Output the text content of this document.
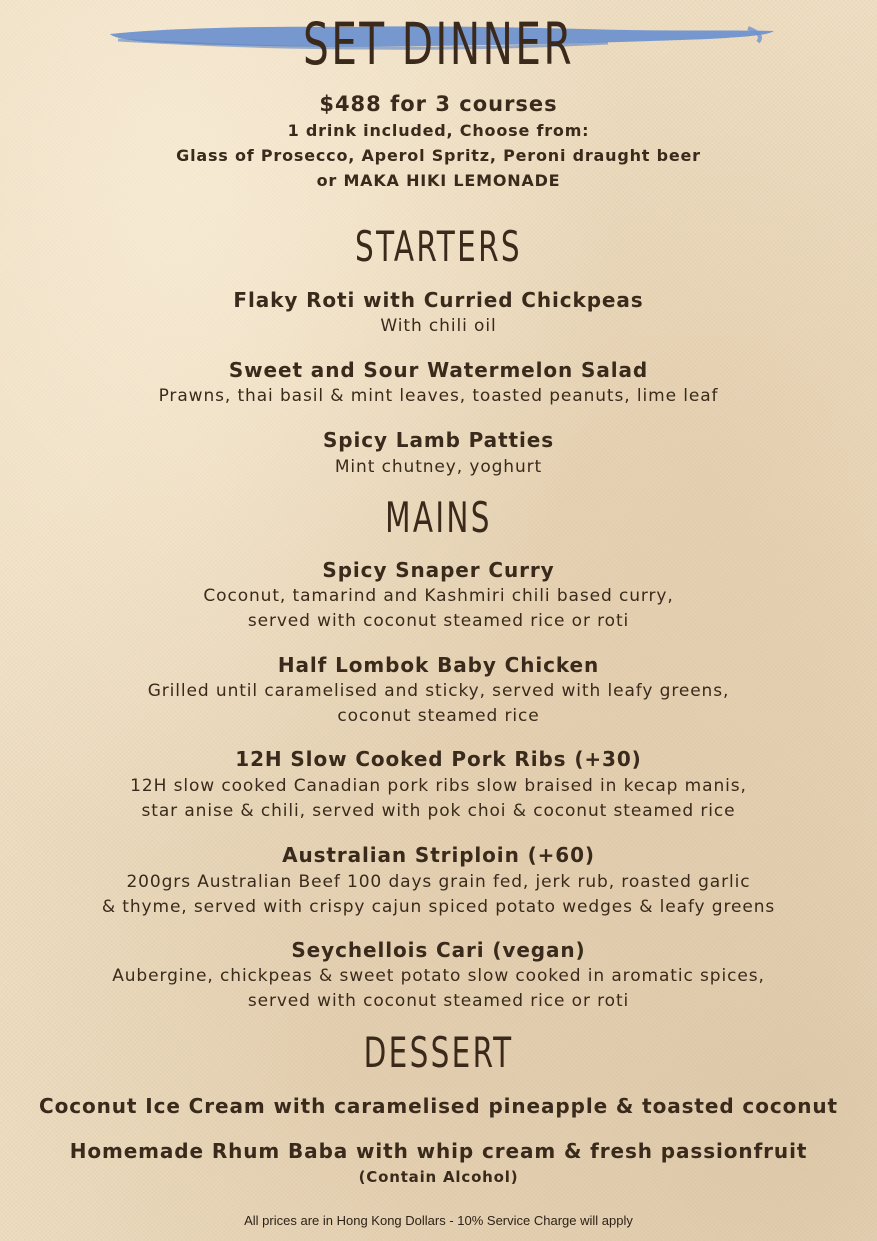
SET DINNER
$488 for 3 courses
1 drink included, Choose from:
Glass of Prosecco, Aperol Spritz, Peroni draught beer
or MAKA HIKI LEMONADE
STARTERS
Flaky Roti with Curried Chickpeas
With chili oil
Sweet and Sour Watermelon Salad
Prawns, thai basil & mint leaves, toasted peanuts, lime leaf
Spicy Lamb Patties
Mint chutney, yoghurt
MAINS
Spicy Snaper Curry
Coconut, tamarind and Kashmiri chili based curry,
served with coconut steamed rice or roti
Half Lombok Baby Chicken
Grilled until caramelised and sticky, served with leafy greens,
coconut steamed rice
12H Slow Cooked Pork Ribs (+30)
12H slow cooked Canadian pork ribs slow braised in kecap manis,
star anise & chili, served with pok choi & coconut steamed rice
Australian Striploin (+60)
200grs Australian Beef 100 days grain fed, jerk rub, roasted garlic
& thyme, served with crispy cajun spiced potato wedges & leafy greens
Seychellois Cari (vegan)
Aubergine, chickpeas & sweet potato slow cooked in aromatic spices,
served with coconut steamed rice or roti
DESSERT
Coconut Ice Cream with caramelised pineapple & toasted coconut
Homemade Rhum Baba with whip cream & fresh passionfruit
(Contain Alcohol)
All prices are in Hong Kong Dollars - 10% Service Charge will apply
